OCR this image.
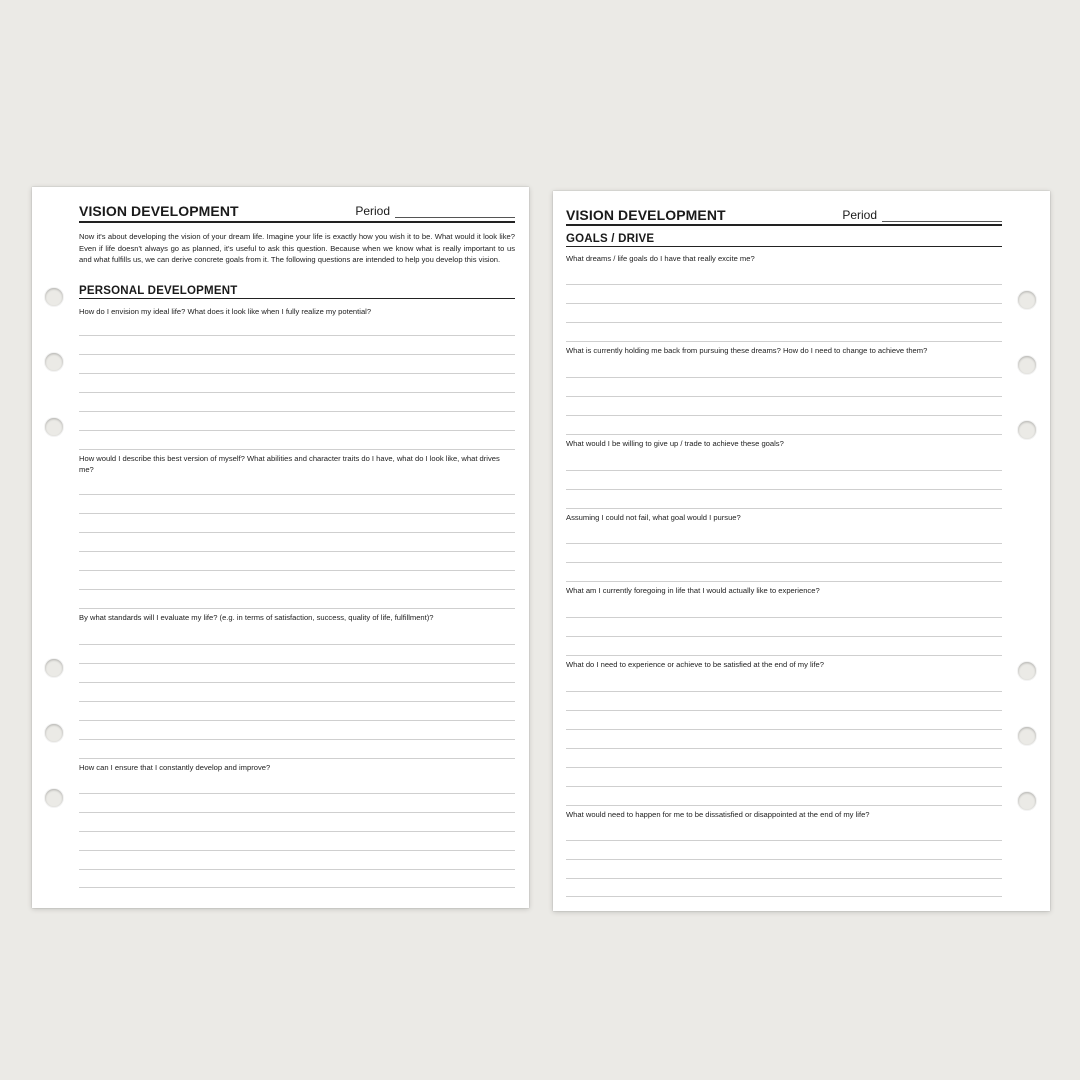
VISION DEVELOPMENT	Period
Now it's about developing the vision of your dream life. Imagine your life is exactly how you wish it to be. What would it look like? Even if life doesn't always go as planned, it's useful to ask this question. Because when we know what is really important to us and what fulfills us, we can derive concrete goals from it. The following questions are intended to help you develop this vision.
PERSONAL DEVELOPMENT
How do I envision my ideal life? What does it look like when I fully realize my potential?
How would I describe this best version of myself? What abilities and character traits do I have, what do I look like, what drives me?
By what standards will I evaluate my life? (e.g. in terms of satisfaction, success, quality of life, fulfillment)?
How can I ensure that I constantly develop and improve?
VISION DEVELOPMENT	Period
GOALS / DRIVE
What dreams / life goals do I have that really excite me?
What is currently holding me back from pursuing these dreams? How do I need to change to achieve them?
What would I be willing to give up / trade to achieve these goals?
Assuming I could not fail, what goal would I pursue?
What am I currently foregoing in life that I would actually like to experience?
What do I need to experience or achieve to be satisfied at the end of my life?
What would need to happen for me to be dissatisfied or disappointed at the end of my life?
